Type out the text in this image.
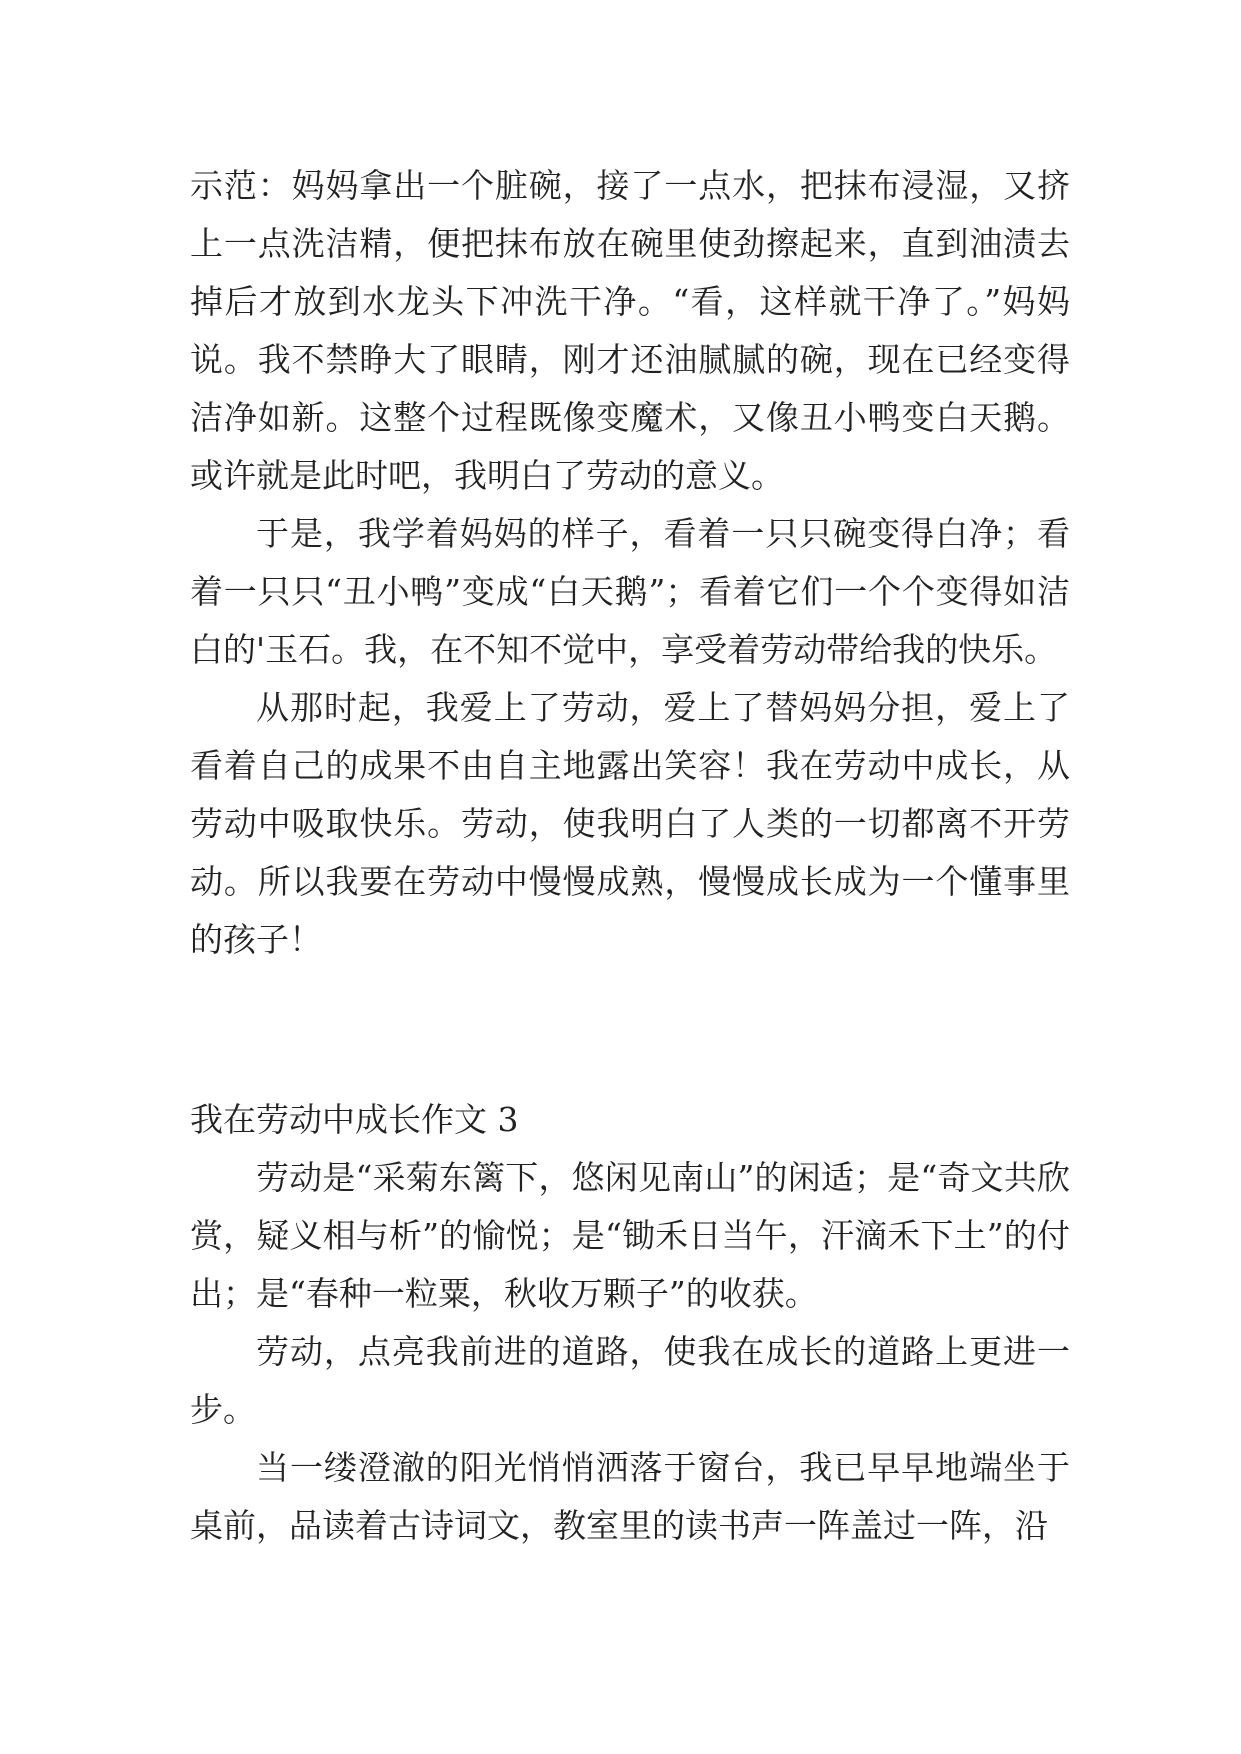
示范：妈妈拿出一个脏碗，接了一点水，把抹布浸湿，又挤上一点洗洁精，便把抹布放在碗里使劲擦起来，直到油渍去掉后才放到水龙头下冲洗干净。“看，这样就干净了。”妈妈说。我不禁睁大了眼睛，刚才还油腻腻的碗，现在已经变得洁净如新。这整个过程既像变魔术，又像丑小鸭变白天鹅。或许就是此时吧，我明白了劳动的意义。

于是，我学着妈妈的样子，看着一只只碗变得白净；看着一只只“丑小鸭”变成“白天鹅”；看着它们一个个变得如洁白的'玉石。我，在不知不觉中，享受着劳动带给我的快乐。

从那时起，我爱上了劳动，爱上了替妈妈分担，爱上了看着自己的成果不由自主地露出笑容！我在劳动中成长，从劳动中吸取快乐。劳动，使我明白了人类的一切都离不开劳动。所以我要在劳动中慢慢成熟，慢慢成长成为一个懂事里的孩子！

我在劳动中成长作文 3

劳动是“采菊东篱下，悠闲见南山”的闲适；是“奇文共欣赏，疑义相与析”的愉悦；是“锄禾日当午，汗滴禾下土”的付出；是“春种一粒粟，秋收万颗子”的收获。

劳动，点亮我前进的道路，使我在成长的道路上更进一步。

当一缕澄澈的阳光悄悄洒落于窗台，我已早早地端坐于桌前，品读着古诗词文，教室里的读书声一阵盖过一阵，沿
